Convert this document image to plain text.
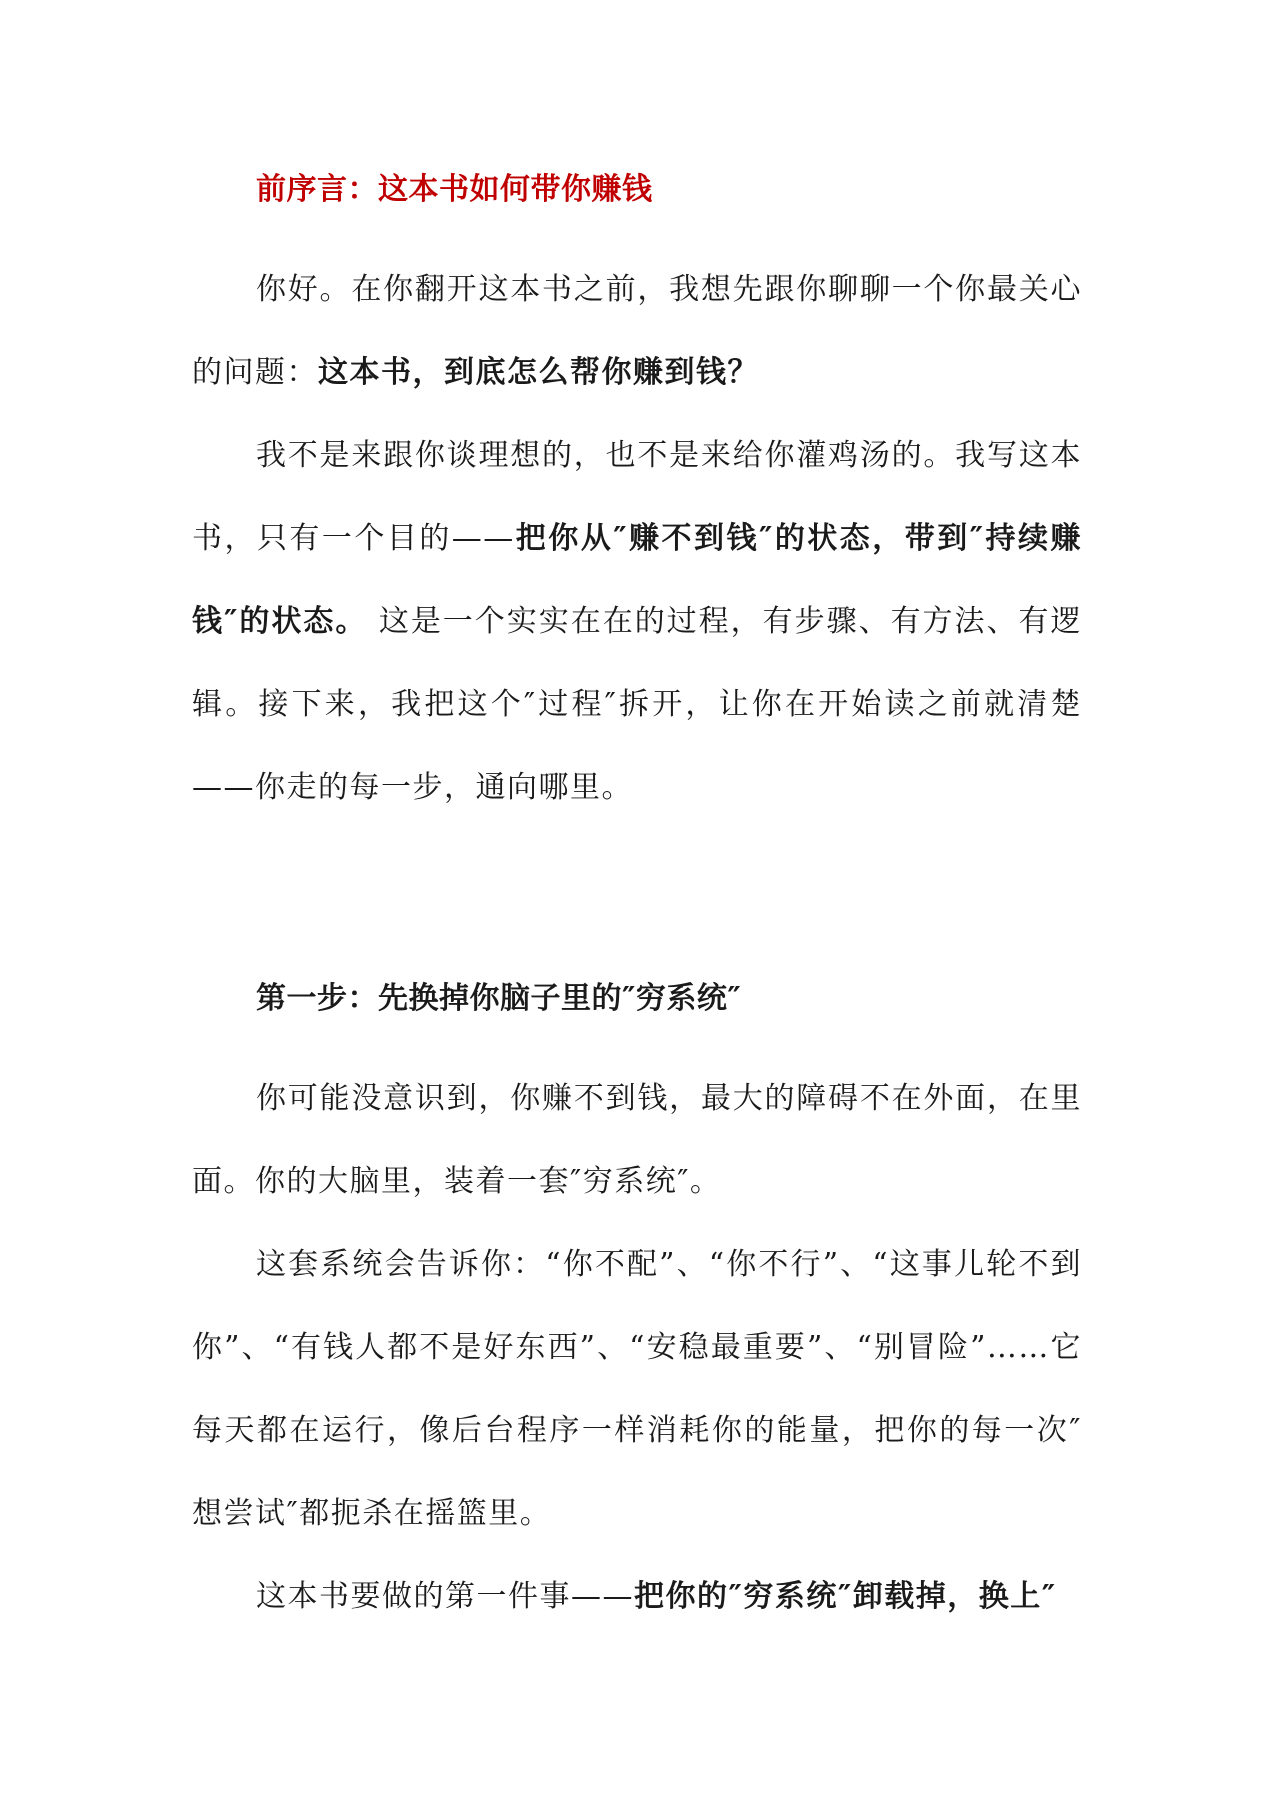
前序言：这本书如何带你赚钱

你好。在你翻开这本书之前，我想先跟你聊聊一个你最关心的问题：这本书，到底怎么帮你赚到钱？

我不是来跟你谈理想的，也不是来给你灌鸡汤的。我写这本书，只有一个目的——把你从″赚不到钱″的状态，带到″持续赚钱″的状态。 这是一个实实在在的过程，有步骤、有方法、有逻辑。接下来，我把这个″过程″拆开，让你在开始读之前就清楚——你走的每一步，通向哪里。

第一步：先换掉你脑子里的″穷系统″

你可能没意识到，你赚不到钱，最大的障碍不在外面，在里面。你的大脑里，装着一套″穷系统″。

这套系统会告诉你：“你不配”、“你不行”、“这事儿轮不到你”、“有钱人都不是好东西”、“安稳最重要”、“别冒险”……它每天都在运行，像后台程序一样消耗你的能量，把你的每一次″想尝试″都扼杀在摇篮里。

这本书要做的第一件事——把你的″穷系统″卸载掉，换上″
